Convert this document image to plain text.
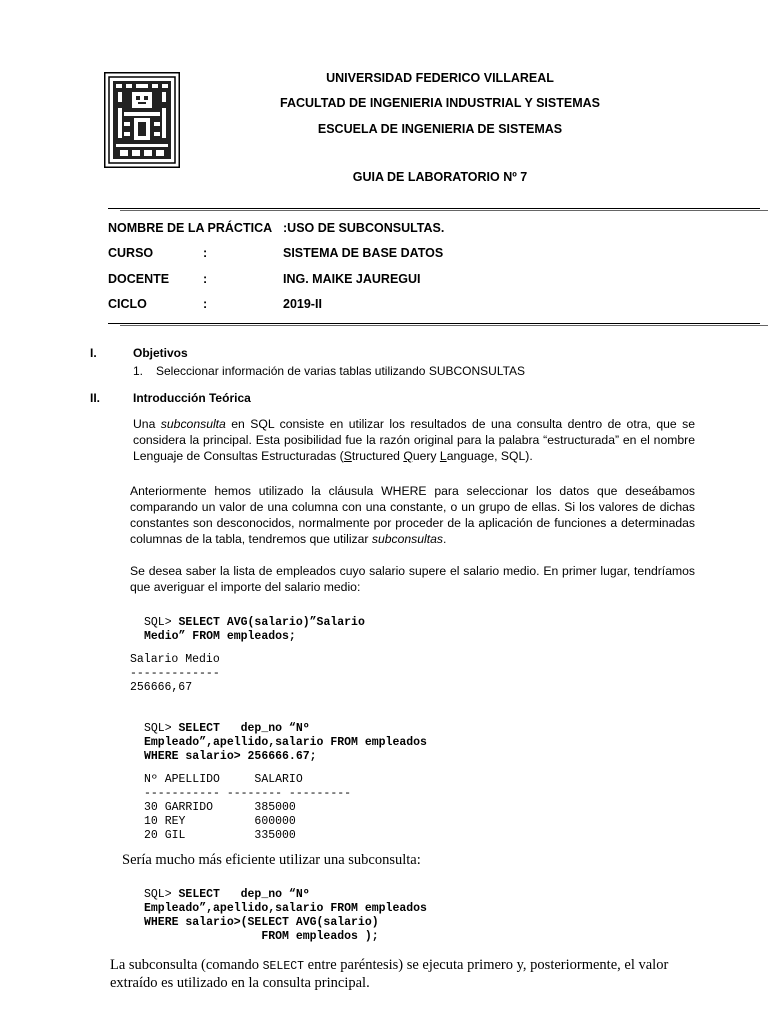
UNIVERSIDAD FEDERICO VILLAREAL
FACULTAD DE INGENIERIA INDUSTRIAL Y SISTEMAS
ESCUELA DE INGENIERIA DE SISTEMAS
GUIA DE LABORATORIO Nº 7
NOMBRE DE LA PRÁCTICA :USO DE SUBCONSULTAS.
CURSO	:	SISTEMA DE BASE DATOS
DOCENTE	:	ING. MAIKE JAUREGUI
CICLO	:	2019-II
I.	Objetivos
1. Seleccionar información de varias tablas utilizando SUBCONSULTAS
II.	Introducción Teórica
Una subconsulta en SQL consiste en utilizar los resultados de una consulta dentro de otra, que se considera la principal. Esta posibilidad fue la razón original para la palabra “estructurada” en el nombre Lenguaje de Consultas Estructuradas (Structured Query Language, SQL).
Anteriormente hemos utilizado la cláusula WHERE para seleccionar los datos que deseábamos comparando un valor de una columna con una constante, o un grupo de ellas. Si los valores de dichas constantes son desconocidos, normalmente por proceder de la aplicación de funciones a determinadas columnas de la tabla, tendremos que utilizar subconsultas.
Se desea saber la lista de empleados cuyo salario supere el salario medio. En primer lugar, tendríamos que averiguar el importe del salario medio:
SQL> SELECT AVG(salario)”Salario
Medio” FROM empleados;
Salario Medio
-------------
256666,67
SQL> SELECT   dep_no “Nº
Empleado”,apellido,salario FROM empleados
WHERE salario> 256666.67;
Nº APELLIDO     SALARIO
----------- -------- ---------
30 GARRIDO      385000
10 REY          600000
20 GIL          335000
Sería mucho más eficiente utilizar una subconsulta:
SQL> SELECT   dep_no “Nº
Empleado”,apellido,salario FROM empleados
WHERE salario>(SELECT AVG(salario)
FROM empleados );
La subconsulta (comando SELECT entre paréntesis) se ejecuta primero y, posteriormente, el valor extraído es utilizado en la consulta principal.
